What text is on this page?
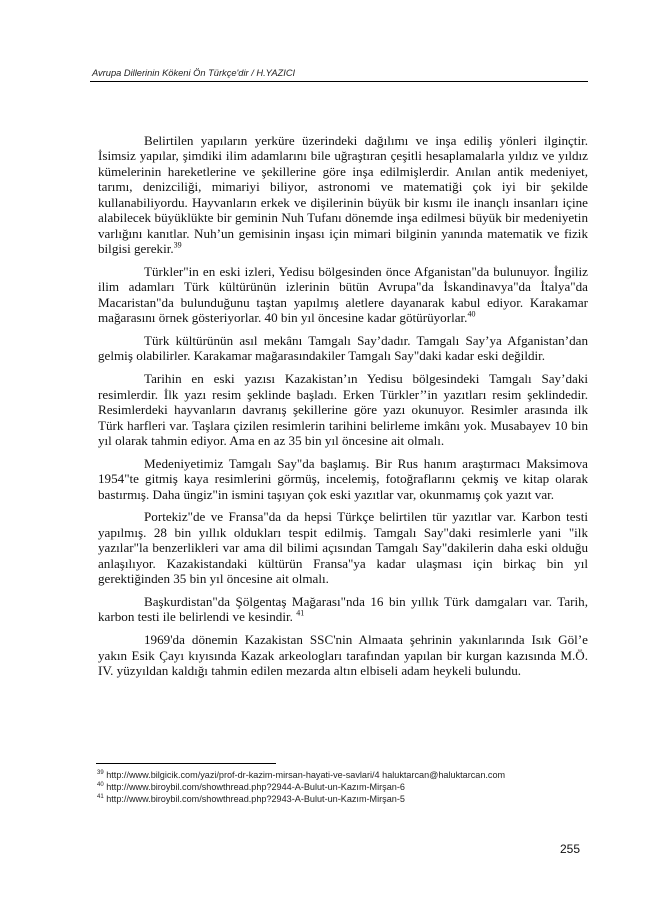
Avrupa Dillerinin Kökeni Ön Türkçe'dir / H.YAZICI

Belirtilen yapıların yerküre üzerindeki dağılımı ve inşa ediliş yönleri ilginçtir. İsimsiz yapılar, şimdiki ilim adamlarını bile uğraştıran çeşitli hesaplamalarla yıldız ve yıldız kümelerinin hareketlerine ve şekillerine göre inşa edilmişlerdir. Anılan antik medeniyet, tarımı, denizciliği, mimariyi biliyor, astronomi ve matematiği çok iyi bir şekilde kullanabiliyordu. Hayvanların erkek ve dişilerinin büyük bir kısmı ile inançlı insanları içine alabilecek büyüklükte bir geminin Nuh Tufanı dönemde inşa edilmesi büyük bir medeniyetin varlığını kanıtlar. Nuh’un gemisinin inşası için mimari bilginin yanında matematik ve fizik bilgisi gerekir.$^{39}$

Türkler"in en eski izleri, Yedisu bölgesinden önce Afganistan"da bulunuyor. İngiliz ilim adamları Türk kültürünün izlerinin bütün Avrupa"da İskandinavya"da İtalya"da Macaristan"da bulunduğunu taştan yapılmış aletlere dayanarak kabul ediyor. Karakamar mağarasını örnek gösteriyorlar. 40 bin yıl öncesine kadar götürüyorlar.$^{40}$

Türk kültürünün asıl mekânı Tamgalı Say’dadır. Tamgalı Say’ya Afganistan’dan gelmiş olabilirler. Karakamar mağarasındakiler Tamgalı Say"daki kadar eski değildir.

Tarihin en eski yazısı Kazakistan’ın Yedisu bölgesindeki Tamgalı Say’daki resimlerdir. İlk yazı resim şeklinde başladı. Erken Türkler’’in yazıtları resim şeklindedir. Resimlerdeki hayvanların davranış şekillerine göre yazı okunuyor. Resimler arasında ilk Türk harfleri var. Taşlara çizilen resimlerin tarihini belirleme imkânı yok. Musabayev 10 bin yıl olarak tahmin ediyor. Ama en az 35 bin yıl öncesine ait olmalı.

Medeniyetimiz Tamgalı Say"da başlamış. Bir Rus hanım araştırmacı Maksimova 1954"te gitmiş kaya resimlerini görmüş, incelemiş, fotoğraflarını çekmiş ve kitap olarak bastırmış. Daha üngiz"in ismini taşıyan çok eski yazıtlar var, okunmamış çok yazıt var.

Portekiz"de ve Fransa"da da hepsi Türkçe belirtilen tür yazıtlar var. Karbon testi yapılmış. 28 bin yıllık oldukları tespit edilmiş. Tamgalı Say"daki resimlerle yani "ilk yazılar"la benzerlikleri var ama dil bilimi açısından Tamgalı Say"dakilerin daha eski olduğu anlaşılıyor. Kazakistandaki kültürün Fransa"ya kadar ulaşması için birkaç bin yıl gerektiğinden 35 bin yıl öncesine ait olmalı.

Başkurdistan"da Şölgentaş Mağarası"nda 16 bin yıllık Türk damgaları var. Tarih, karbon testi ile belirlendi ve kesindir. $^{41}$

1969'da dönemin Kazakistan SSC'nin Almaata şehrinin yakınlarında Isık Göl’e yakın Esik Çayı kıyısında Kazak arkeologları tarafından yapılan bir kurgan kazısında M.Ö. IV. yüzyıldan kaldığı tahmin edilen mezarda altın elbiseli adam heykeli bulundu.

$^{39}$ http://www.bilgicik.com/yazi/prof-dr-kazim-mirsan-hayati-ve-savlari/4 haluktarcan@haluktarcan.com
$^{40}$ http://www.biroybil.com/showthread.php?2944-A-Bulut-un-Kazım-Mirşan-6
$^{41}$ http://www.biroybil.com/showthread.php?2943-A-Bulut-un-Kazım-Mirşan-5
255
